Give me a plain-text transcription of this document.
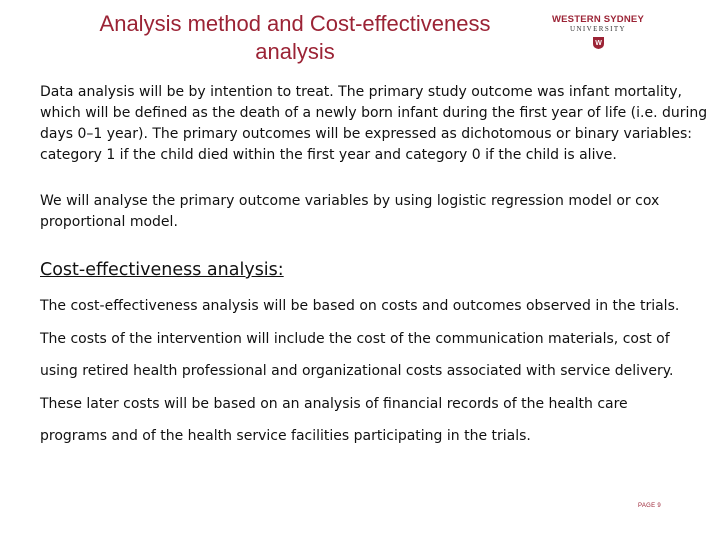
Analysis method and Cost-effectiveness
analysis
WESTERN SYDNEY
UNIVERSITY
W

Data analysis will be by intention to treat. The primary study outcome was infant mortality, which will be defined as the death of a newly born infant during the first year of life (i.e. during days 0–1 year). The primary outcomes will be expressed as dichotomous or binary variables: category 1 if the child died within the first year and category 0 if the child is alive.

We will analyse the primary outcome variables by using logistic regression model or cox proportional model.

Cost-effectiveness analysis:
The cost-effectiveness analysis will be based on costs and outcomes observed in the trials.
The costs of the intervention will include the cost of the communication materials, cost of
using retired health professional and organizational costs associated with service delivery.
These later costs will be based on an analysis of financial records of the health care
programs and of the health service facilities participating in the trials.
PAGE 9
